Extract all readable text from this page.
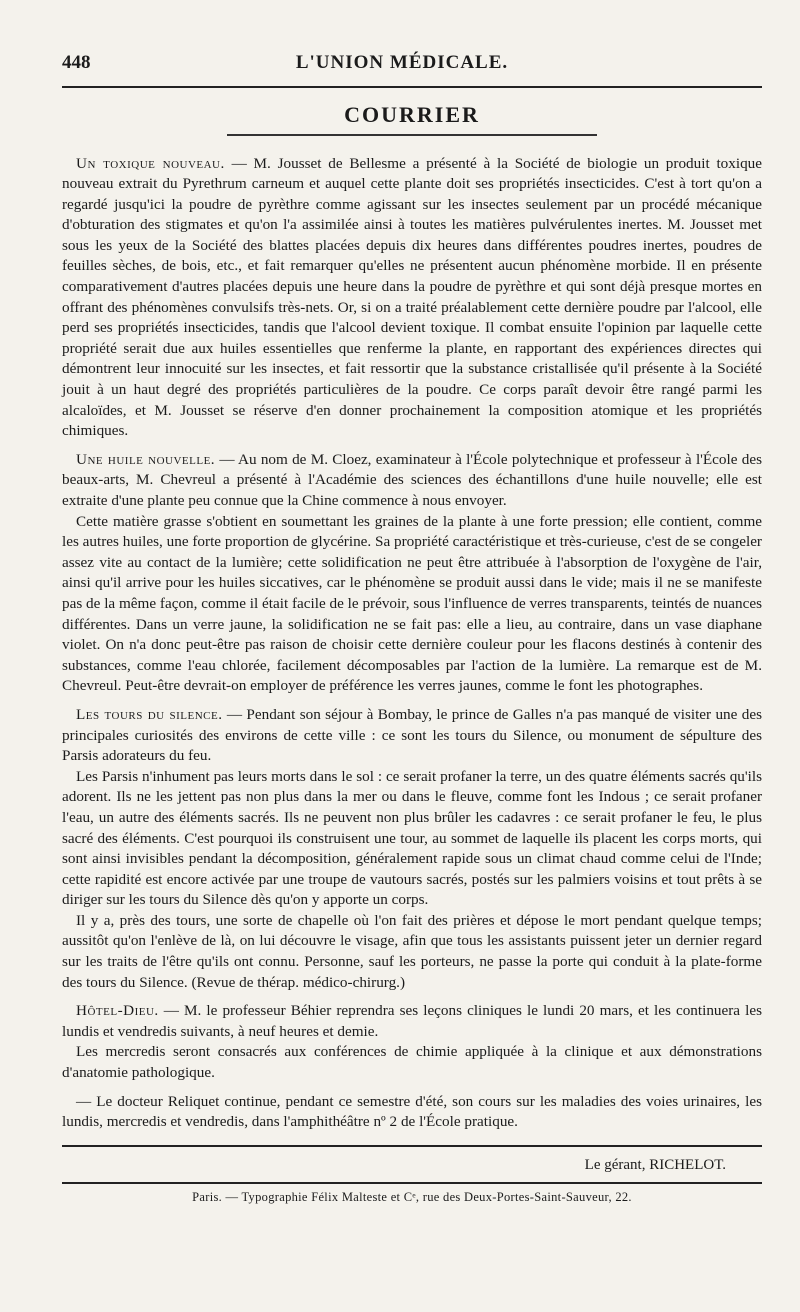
448	L'UNION MÉDICALE.
COURRIER

Un toxique nouveau. — M. Jousset de Bellesme a présenté à la Société de biologie un produit toxique nouveau extrait du Pyrethrum carneum et auquel cette plante doit ses propriétés insecticides. C'est à tort qu'on a regardé jusqu'ici la poudre de pyrèthre comme agissant sur les insectes seulement par un procédé mécanique d'obturation des stigmates et qu'on l'a assimilée ainsi à toutes les matières pulvérulentes inertes. M. Jousset met sous les yeux de la Société des blattes placées depuis dix heures dans différentes poudres inertes, poudres de feuilles sèches, de bois, etc., et fait remarquer qu'elles ne présentent aucun phénomène morbide. Il en présente comparativement d'autres placées depuis une heure dans la poudre de pyrèthre et qui sont déjà presque mortes en offrant des phénomènes convulsifs très-nets. Or, si on a traité préalablement cette dernière poudre par l'alcool, elle perd ses propriétés insecticides, tandis que l'alcool devient toxique. Il combat ensuite l'opinion par laquelle cette propriété serait due aux huiles essentielles que renferme la plante, en rapportant des expériences directes qui démontrent leur innocuité sur les insectes, et fait ressortir que la substance cristallisée qu'il présente à la Société jouit à un haut degré des propriétés particulières de la poudre. Ce corps paraît devoir être rangé parmi les alcaloïdes, et M. Jousset se réserve d'en donner prochainement la composition atomique et les propriétés chimiques.

Une huile nouvelle. — Au nom de M. Cloez, examinateur à l'École polytechnique et professeur à l'École des beaux-arts, M. Chevreul a présenté à l'Académie des sciences des échantillons d'une huile nouvelle; elle est extraite d'une plante peu connue que la Chine commence à nous envoyer.

Cette matière grasse s'obtient en soumettant les graines de la plante à une forte pression; elle contient, comme les autres huiles, une forte proportion de glycérine. Sa propriété caractéristique et très-curieuse, c'est de se congeler assez vite au contact de la lumière; cette solidification ne peut être attribuée à l'absorption de l'oxygène de l'air, ainsi qu'il arrive pour les huiles siccatives, car le phénomène se produit aussi dans le vide; mais il ne se manifeste pas de la même façon, comme il était facile de le prévoir, sous l'influence de verres transparents, teintés de nuances différentes. Dans un verre jaune, la solidification ne se fait pas: elle a lieu, au contraire, dans un vase diaphane violet. On n'a donc peut-être pas raison de choisir cette dernière couleur pour les flacons destinés à contenir des substances, comme l'eau chlorée, facilement décomposables par l'action de la lumière. La remarque est de M. Chevreul. Peut-être devrait-on employer de préférence les verres jaunes, comme le font les photographes.

Les tours du silence. — Pendant son séjour à Bombay, le prince de Galles n'a pas manqué de visiter une des principales curiosités des environs de cette ville : ce sont les tours du Silence, ou monument de sépulture des Parsis adorateurs du feu.

Les Parsis n'inhument pas leurs morts dans le sol : ce serait profaner la terre, un des quatre éléments sacrés qu'ils adorent. Ils ne les jettent pas non plus dans la mer ou dans le fleuve, comme font les Indous ; ce serait profaner l'eau, un autre des éléments sacrés. Ils ne peuvent non plus brûler les cadavres : ce serait profaner le feu, le plus sacré des éléments. C'est pourquoi ils construisent une tour, au sommet de laquelle ils placent les corps morts, qui sont ainsi invisibles pendant la décomposition, généralement rapide sous un climat chaud comme celui de l'Inde; cette rapidité est encore activée par une troupe de vautours sacrés, postés sur les palmiers voisins et tout prêts à se diriger sur les tours du Silence dès qu'on y apporte un corps.

Il y a, près des tours, une sorte de chapelle où l'on fait des prières et dépose le mort pendant quelque temps; aussitôt qu'on l'enlève de là, on lui découvre le visage, afin que tous les assistants puissent jeter un dernier regard sur les traits de l'être qu'ils ont connu. Personne, sauf les porteurs, ne passe la porte qui conduit à la plate-forme des tours du Silence. (Revue de thérap. médico-chirurg.)

Hôtel-Dieu. — M. le professeur Béhier reprendra ses leçons cliniques le lundi 20 mars, et les continuera les lundis et vendredis suivants, à neuf heures et demie.

Les mercredis seront consacrés aux conférences de chimie appliquée à la clinique et aux démonstrations d'anatomie pathologique.

— Le docteur Reliquet continue, pendant ce semestre d'été, son cours sur les maladies des voies urinaires, les lundis, mercredis et vendredis, dans l'amphithéâtre nº 2 de l'École pratique.

Le gérant, RICHELOT.
Paris. — Typographie Félix Malteste et Cᵉ, rue des Deux-Portes-Saint-Sauveur, 22.
